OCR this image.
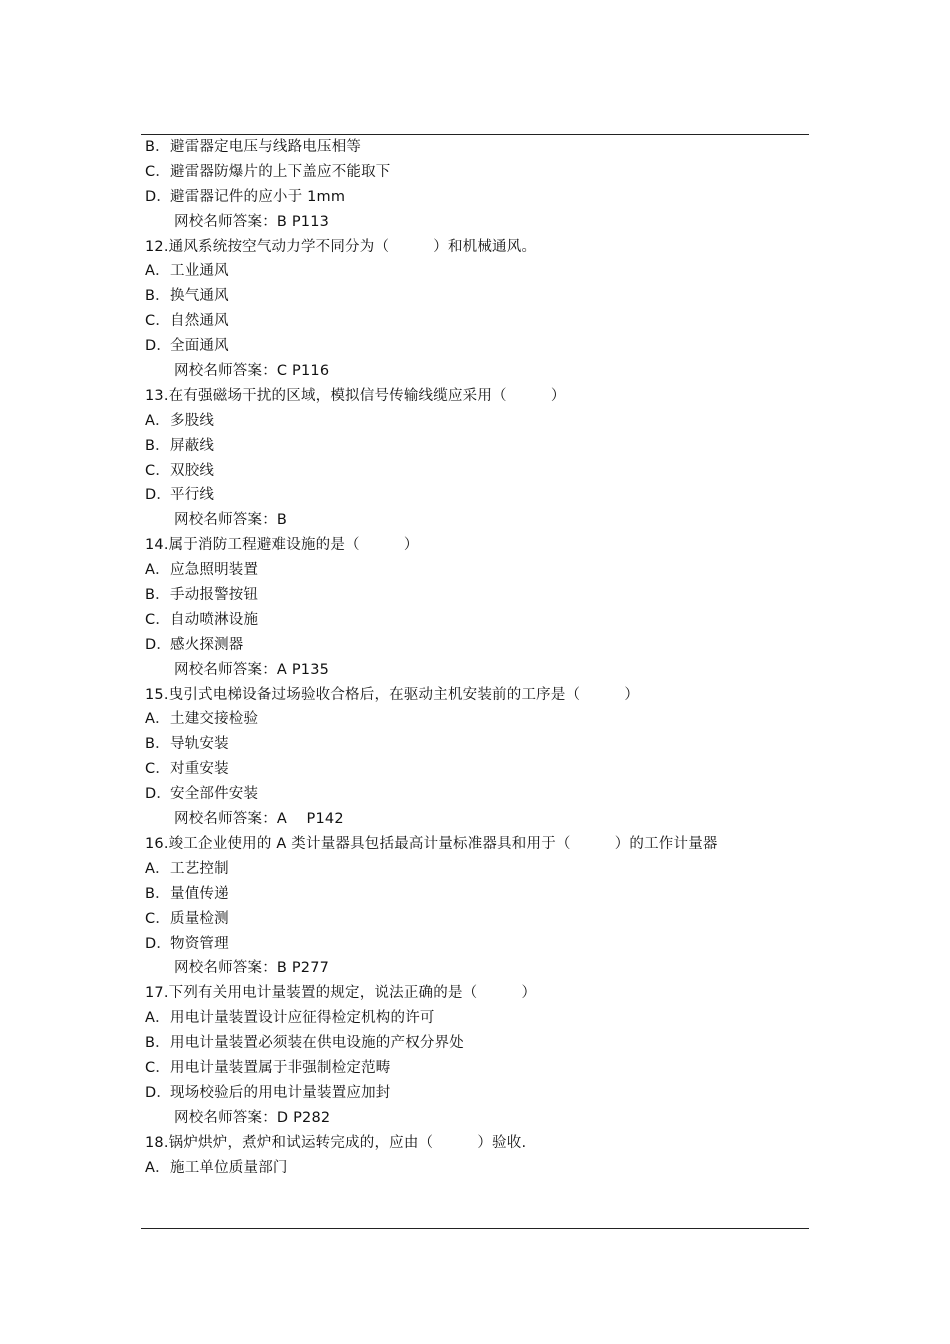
B．避雷器定电压与线路电压相等
C．避雷器防爆片的上下盖应不能取下
D．避雷器记件的应小于 1mm
网校名师答案：B P113
12.通风系统按空气动力学不同分为（　　　）和机械通风。
A．工业通风
B．换气通风
C．自然通风
D．全面通风
网校名师答案：C P116
13.在有强磁场干扰的区域，模拟信号传输线缆应采用（　　　）
A．多股线
B．屏蔽线
C．双胶线
D．平行线
网校名师答案：B
14.属于消防工程避难设施的是（　　　）
A．应急照明装置
B．手动报警按钮
C．自动喷淋设施
D．感火探测器
网校名师答案：A P135
15.曳引式电梯设备过场验收合格后，在驱动主机安装前的工序是（　　　）
A．土建交接检验
B．导轨安装
C．对重安装
D．安全部件安装
网校名师答案：A　 P142
16.竣工企业使用的 A 类计量器具包括最高计量标准器具和用于（　　　）的工作计量器
A．工艺控制
B．量值传递
C．质量检测
D．物资管理
网校名师答案：B P277
17.下列有关用电计量装置的规定，说法正确的是（　　　）
A．用电计量装置设计应征得检定机构的许可
B．用电计量装置必须装在供电设施的产权分界处
C．用电计量装置属于非强制检定范畴
D．现场校验后的用电计量装置应加封
网校名师答案：D P282
18.锅炉烘炉，煮炉和试运转完成的，应由（　　　）验收.
A．施工单位质量部门
